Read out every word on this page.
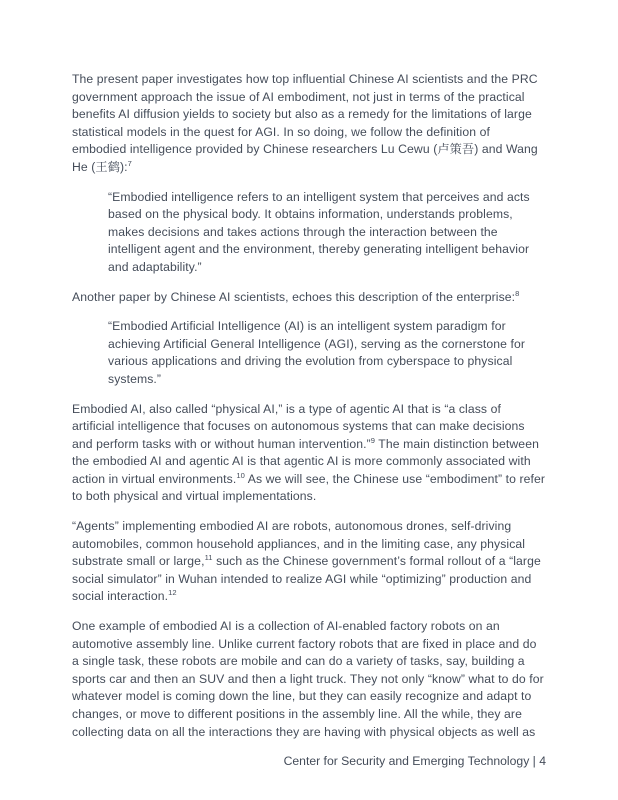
The present paper investigates how top influential Chinese AI scientists and the PRC government approach the issue of AI embodiment, not just in terms of the practical benefits AI diffusion yields to society but also as a remedy for the limitations of large statistical models in the quest for AGI. In so doing, we follow the definition of embodied intelligence provided by Chinese researchers Lu Cewu (卢策吾) and Wang He (王鹤):$^7$

“Embodied intelligence refers to an intelligent system that perceives and acts based on the physical body. It obtains information, understands problems, makes decisions and takes actions through the interaction between the intelligent agent and the environment, thereby generating intelligent behavior and adaptability.”

Another paper by Chinese AI scientists, echoes this description of the enterprise:$^8$

“Embodied Artificial Intelligence (AI) is an intelligent system paradigm for achieving Artificial General Intelligence (AGI), serving as the cornerstone for various applications and driving the evolution from cyberspace to physical systems.”

Embodied AI, also called “physical AI,” is a type of agentic AI that is “a class of artificial intelligence that focuses on autonomous systems that can make decisions and perform tasks with or without human intervention.”$^9$ The main distinction between the embodied AI and agentic AI is that agentic AI is more commonly associated with action in virtual environments.$^{10}$ As we will see, the Chinese use “embodiment” to refer to both physical and virtual implementations.

“Agents” implementing embodied AI are robots, autonomous drones, self-driving automobiles, common household appliances, and in the limiting case, any physical substrate small or large,$^{11}$ such as the Chinese government’s formal rollout of a “large social simulator” in Wuhan intended to realize AGI while “optimizing” production and social interaction.$^{12}$

One example of embodied AI is a collection of AI-enabled factory robots on an automotive assembly line. Unlike current factory robots that are fixed in place and do a single task, these robots are mobile and can do a variety of tasks, say, building a sports car and then an SUV and then a light truck. They not only “know” what to do for whatever model is coming down the line, but they can easily recognize and adapt to changes, or move to different positions in the assembly line. All the while, they are collecting data on all the interactions they are having with physical objects as well as

Center for Security and Emerging Technology | 4
